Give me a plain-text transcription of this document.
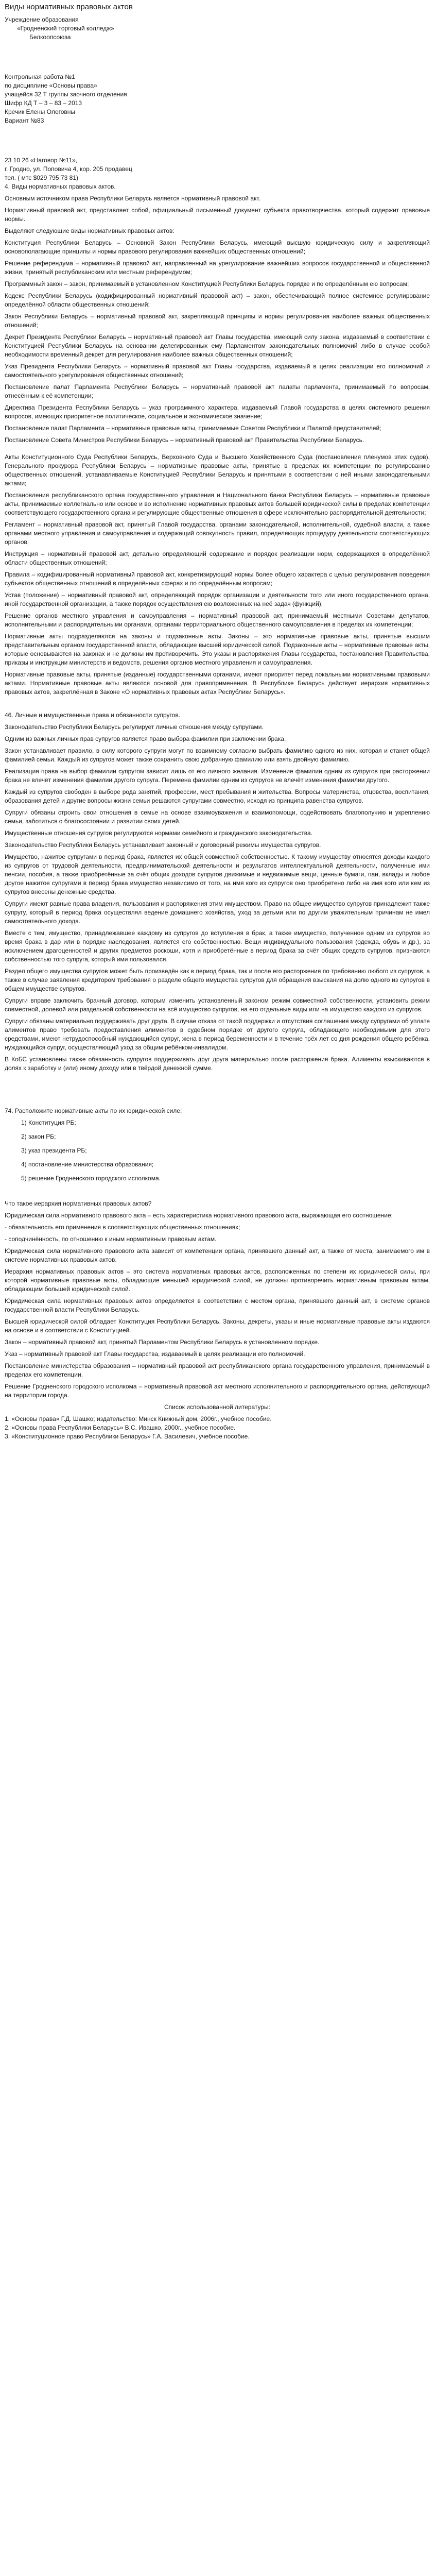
Виды нормативных правовых актов

Учреждение образования

«Гродненский торговый колледж»

Белкоопсоюза

Контрольная работа №1

по дисциплине «Основы права»

учащейся 32 Т группы заочного отделения

Шифр КД Т – 3 – 83 – 2013

Кречик Елены Олеговны

Вариант №83

23 10 26 «Наговор №11»,

г. Гродно, ул. Поповича 4, кор. 205 продавец

тел. ( мтс $029 795 73 81)

4. Виды нормативных правовых актов.

Основным источником права Республики Беларусь является нормативный правовой акт.

Нормативный правовой акт, представляет собой, официальный письменный документ субъекта правотворчества, который содержит правовые нормы.

Выделяют следующие виды нормативных правовых актов:

Конституция Республики Беларусь – Основной Закон Республики Беларусь, имеющий высшую юридическую силу и закрепляющий основополагающие принципы и нормы правового регулирования важнейших общественных отношений;

Решение референдума – нормативный правовой акт, направленный на урегулирование важнейших вопросов государственной и общественной жизни, принятый республиканским или местным референдумом;

Программный закон – закон, принимаемый в установленном Конституцией Республики Беларусь порядке и по определённым ею вопросам;

Кодекс Республики Беларусь (кодифицированный нормативный правовой акт) – закон, обеспечивающий полное системное регулирование определённой области общественных отношений;

Закон Республики Беларусь – нормативный правовой акт, закрепляющий принципы и нормы регулирования наиболее важных общественных отношений;

Декрет Президента Республики Беларусь – нормативный правовой акт Главы государства, имеющий силу закона, издаваемый в соответствии с Конституцией Республики Беларусь на основании делегированных ему Парламентом законодательных полномочий либо в случае особой необходимости временный декрет для регулирования наиболее важных общественных отношений;

Указ Президента Республики Беларусь – нормативный правовой акт Главы государства, издаваемый в целях реализации его полномочий и самостоятельного урегулирования общественных отношений;

Постановление палат Парламента Республики Беларусь – нормативный правовой акт палаты парламента, принимаемый по вопросам, отнесённым к её компетенции;

Директива Президента Республики Беларусь – указ программного характера, издаваемый Главой государства в целях системного решения вопросов, имеющих приоритетное политическое, социальное и экономическое значение;

Постановление палат Парламента – нормативные правовые акты, принимаемые Советом Республики и Палатой представителей;

Постановление Совета Министров Республики Беларусь – нормативный правовой акт Правительства Республики Беларусь.

Акты Конституционного Суда Республики Беларусь, Верховного Суда и Высшего Хозяйственного Суда (постановления пленумов этих судов), Генерального прокурора Республики Беларусь – нормативные правовые акты, принятые в пределах их компетенции по регулированию общественных отношений, устанавливаемые Конституцией Республики Беларусь и принятыми в соответствии с ней иными законодательными актами;

Постановления республиканского органа государственного управления и Национального банка Республики Беларусь – нормативные правовые акты, принимаемые коллегиально или основе и во исполнение нормативных правовых актов большей юридической силы в пределах компетенции соответствующего государственного органа и регулирующие общественные отношения в сфере исключительно распорядительной деятельности;

Регламент – нормативный правовой акт, принятый Главой государства, органами законодательной, исполнительной, судебной власти, а также органами местного управления и самоуправления и содержащий совокупность правил, определяющих процедуру деятельности соответствующих органов;

Инструкция – нормативный правовой акт, детально определяющий содержание и порядок реализации норм, содержащихся в определённой области общественных отношений;

Правила – кодифицированный нормативный правовой акт, конкретизирующий нормы более общего характера с целью регулирования поведения субъектов общественных отношений в определённых сферах и по определённым вопросам;

Устав (положение) – нормативный правовой акт, определяющий порядок организации и деятельности того или иного государственного органа, иной государственной организации, а также порядок осуществления ею возложенных на неё задач (функций);

Решение органов местного управления и самоуправления – нормативный правовой акт, принимаемый местными Советами депутатов, исполнительными и распорядительными органами, органами территориального общественного самоуправления в пределах их компетенции;

Нормативные акты подразделяются на законы и подзаконные акты. Законы – это нормативные правовые акты, принятые высшим представительным органом государственной власти, обладающие высшей юридической силой. Подзаконные акты – нормативные правовые акты, которые основываются на законах и не должны им противоречить. Это указы и распоряжения Главы государства, постановления Правительства, приказы и инструкции министерств и ведомств, решения органов местного управления и самоуправления.

Нормативные правовые акты, принятые (изданные) государственными органами, имеют приоритет перед локальными нормативными правовыми актами. Нормативные правовые акты являются основой для правоприменения. В Республике Беларусь действует иерархия нормативных правовых актов, закреплённая в Законе «О нормативных правовых актах Республики Беларусь».

46. Личные и имущественные права и обязанности супругов.

Законодательство Республики Беларусь регулирует личные отношения между супругами.

Одним из важных личных прав супругов является право выбора фамилии при заключении брака.

Закон устанавливает правило, в силу которого супруги могут по взаимному согласию выбрать фамилию одного из них, которая и станет общей фамилией семьи. Каждый из супругов может также сохранить свою добрачную фамилию или взять двойную фамилию.

Реализация права на выбор фамилии супругом зависит лишь от его личного желания. Изменение фамилии одним из супругов при расторжении брака не влечёт изменения фамилии другого супруга. Перемена фамилии одним из супругов не влечёт изменения фамилии другого.

Каждый из супругов свободен в выборе рода занятий, профессии, мест пребывания и жительства. Вопросы материнства, отцовства, воспитания, образования детей и другие вопросы жизни семьи решаются супругами совместно, исходя из принципа равенства супругов.

Супруги обязаны строить свои отношения в семье на основе взаимоуважения и взаимопомощи, содействовать благополучию и укреплению семьи, заботиться о благосостоянии и развитии своих детей.

Имущественные отношения супругов регулируются нормами семейного и гражданского законодательства.

Законодательство Республики Беларусь устанавливает законный и договорный режимы имущества супругов.

Имущество, нажитое супругами в период брака, является их общей совместной собственностью. К такому имуществу относятся доходы каждого из супругов от трудовой деятельности, предпринимательской деятельности и результатов интеллектуальной деятельности, полученные ими пенсии, пособия, а также приобретённые за счёт общих доходов супругов движимые и недвижимые вещи, ценные бумаги, паи, вклады и любое другое нажитое супругами в период брака имущество независимо от того, на имя кого из супругов оно приобретено либо на имя кого или кем из супругов внесены денежные средства.

Супруги имеют равные права владения, пользования и распоряжения этим имуществом. Право на общее имущество супругов принадлежит также супругу, который в период брака осуществлял ведение домашнего хозяйства, уход за детьми или по другим уважительным причинам не имел самостоятельного дохода.

Вместе с тем, имущество, принадлежавшее каждому из супругов до вступления в брак, а также имущество, полученное одним из супругов во время брака в дар или в порядке наследования, является его собственностью. Вещи индивидуального пользования (одежда, обувь и др.), за исключением драгоценностей и других предметов роскоши, хотя и приобретённые в период брака за счёт общих средств супругов, признаются собственностью того супруга, который ими пользовался.

Раздел общего имущества супругов может быть произведён как в период брака, так и после его расторжения по требованию любого из супругов, а также в случае заявления кредитором требования о разделе общего имущества супругов для обращения взыскания на долю одного из супругов в общем имуществе супругов.

Супруги вправе заключить брачный договор, которым изменить установленный законом режим совместной собственности, установить режим совместной, долевой или раздельной собственности на всё имущество супругов, на его отдельные виды или на имущество каждого из супругов.

Супруги обязаны материально поддерживать друг друга. В случае отказа от такой поддержки и отсутствия соглашения между супругами об уплате алиментов право требовать предоставления алиментов в судебном порядке от другого супруга, обладающего необходимыми для этого средствами, имеют нетрудоспособный нуждающийся супруг, жена в период беременности и в течение трёх лет со дня рождения общего ребёнка, нуждающийся супруг, осуществляющий уход за общим ребёнком-инвалидом.

В КоБС установлены также обязанность супругов поддерживать друг друга материально после расторжения брака. Алименты взыскиваются в долях к заработку и (или) иному доходу или в твёрдой денежной сумме.

74. Расположите нормативные акты по их юридической силе:

1) Конституция РБ;

2) закон РБ;

3) указ президента РБ;

4) постановление министерства образования;

5) решение Гродненского городского исполкома.

Что такое иерархия нормативных правовых актов?

Юридическая сила нормативного правового акта – есть характеристика нормативного правового акта, выражающая его соотношение:

- обязательность его применения в соответствующих общественных отношениях;

- соподчинённость, по отношению к иным нормативным правовым актам.

Юридическая сила нормативного правового акта зависит от компетенции органа, принявшего данный акт, а также от места, занимаемого им в системе нормативных правовых актов.

Иерархия нормативных правовых актов – это система нормативных правовых актов, расположенных по степени их юридической силы, при которой нормативные правовые акты, обладающие меньшей юридической силой, не должны противоречить нормативным правовым актам, обладающим большей юридической силой.

Юридическая сила нормативных правовых актов определяется в соответствии с местом органа, принявшего данный акт, в системе органов государственной власти Республики Беларусь.

Высшей юридической силой обладает Конституция Республики Беларусь. Законы, декреты, указы и иные нормативные правовые акты издаются на основе и в соответствии с Конституцией.

Закон – нормативный правовой акт, принятый Парламентом Республики Беларусь в установленном порядке.

Указ – нормативный правовой акт Главы государства, издаваемый в целях реализации его полномочий.

Постановление министерства образования – нормативный правовой акт республиканского органа государственного управления, принимаемый в пределах его компетенции.

Решение Гродненского городского исполкома – нормативный правовой акт местного исполнительного и распорядительного органа, действующий на территории города.

Список использованной литературы:

1. «Основы права» Г.Д. Шашко; издательство: Минск Книжный дом, 2006г., учебное пособие.

2. «Основы права Республики Беларусь» В.С. Ивашко, 2000г., учебное пособие.

3. «Конституционное право Республики Беларусь» Г.А. Василевич, учебное пособие.
